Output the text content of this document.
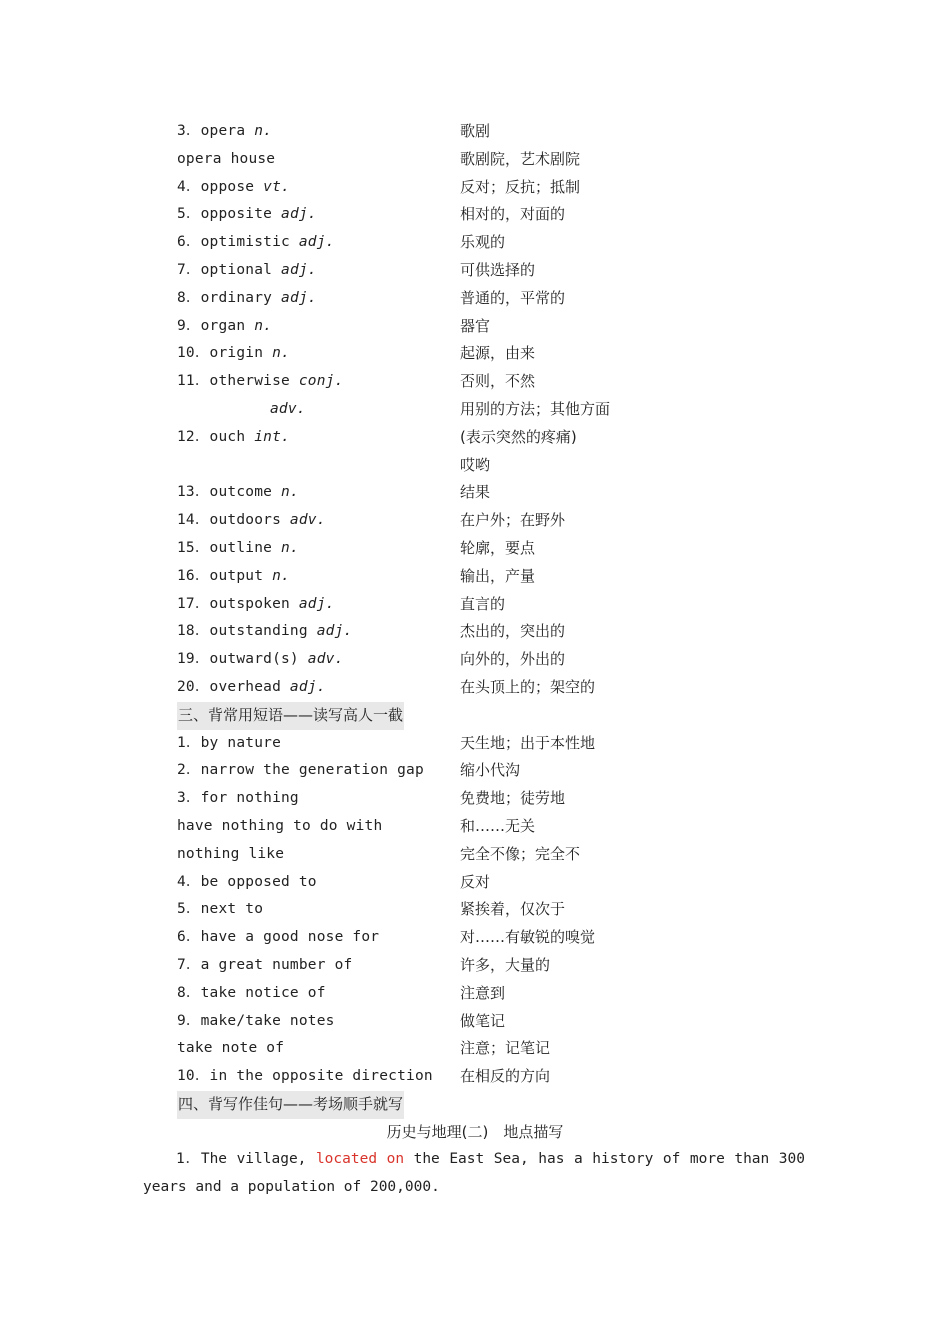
3．opera n.	歌剧
opera house	歌剧院，艺术剧院
4．oppose vt.	反对；反抗；抵制
5．opposite adj.	相对的，对面的
6．optimistic adj.	乐观的
7．optional adj.	可供选择的
8．ordinary adj.	普通的，平常的
9．organ n.	器官
10．origin n.	起源，由来
11．otherwise conj.	否则，不然
adv.	用别的方法；其他方面
12．ouch int.	(表示突然的疼痛)
哎哟
13．outcome n.	结果
14．outdoors adv.	在户外；在野外
15．outline n.	轮廓，要点
16．output n.	输出，产量
17．outspoken adj.	直言的
18．outstanding adj.	杰出的，突出的
19．outward(s) adv.	向外的，外出的
20．overhead adj.	在头顶上的；架空的
三、背常用短语——读写高人一截
1．by nature	天生地；出于本性地
2．narrow the generation gap 缩小代沟
3．for nothing	免费地；徒劳地
have nothing to do with	和……无关
nothing like	完全不像；完全不
4．be opposed to	反对
5．next to	紧挨着，仅次于
6．have a good nose for	对……有敏锐的嗅觉
7．a great number of	许多，大量的
8．take notice of	注意到
9．make/take notes	做笔记
take note of	注意；记笔记
10．in the opposite direction 在相反的方向
四、背写作佳句——考场顺手就写
历史与地理(二)　地点描写
1．The village, located on the East Sea, has a history of more than 300 years and a population of 200,000.
